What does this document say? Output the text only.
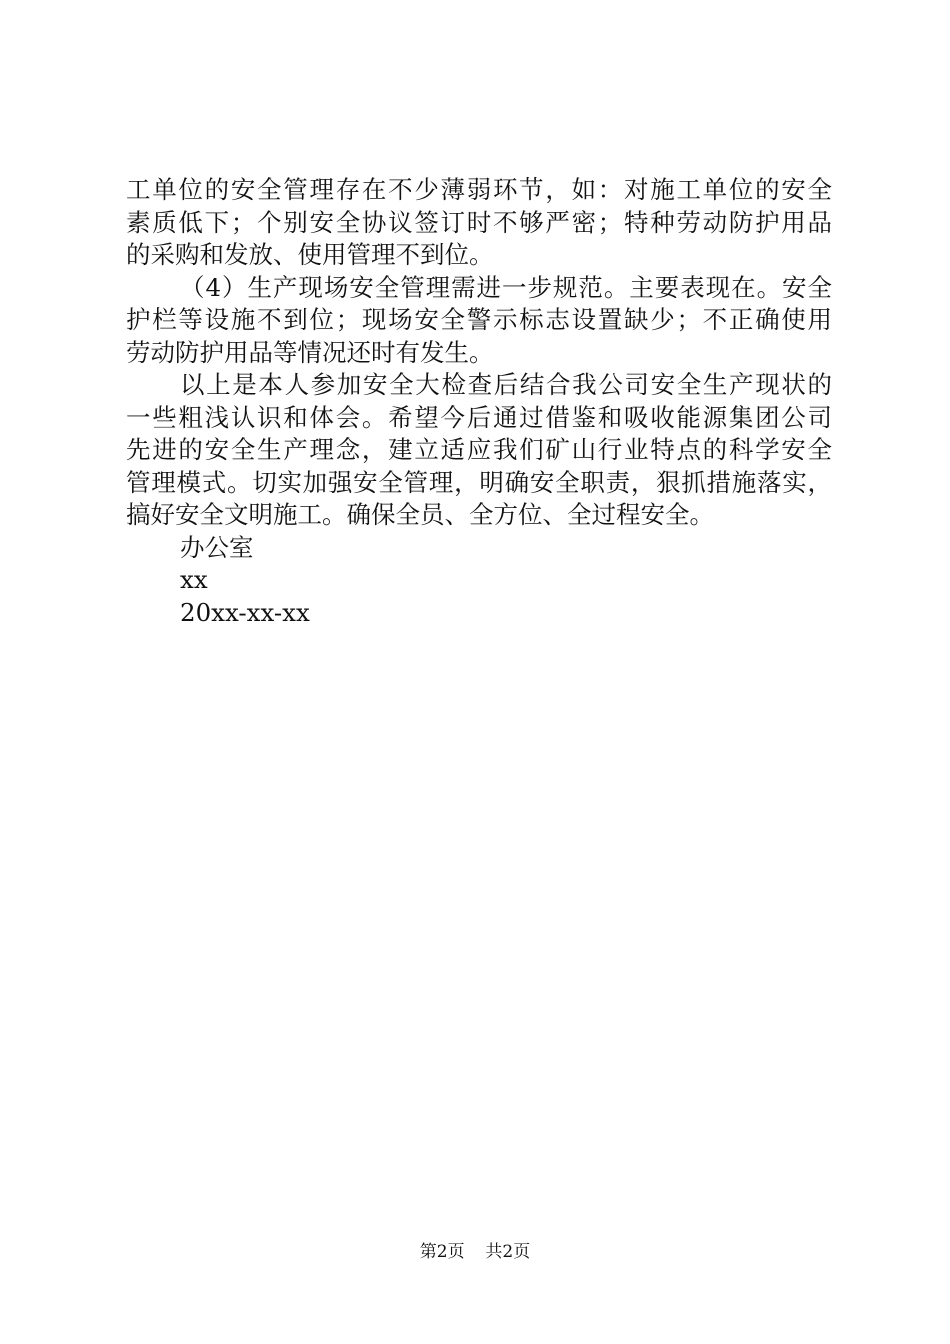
工单位的安全管理存在不少薄弱环节，如：对施工单位的安全
素质低下；个别安全协议签订时不够严密；特种劳动防护用品
的采购和发放、使用管理不到位。
（4）生产现场安全管理需进一步规范。主要表现在。安全
护栏等设施不到位；现场安全警示标志设置缺少；不正确使用
劳动防护用品等情况还时有发生。
以上是本人参加安全大检查后结合我公司安全生产现状的
一些粗浅认识和体会。希望今后通过借鉴和吸收能源集团公司
先进的安全生产理念，建立适应我们矿山行业特点的科学安全
管理模式。切实加强安全管理，明确安全职责，狠抓措施落实，
搞好安全文明施工。确保全员、全方位、全过程安全。
办公室
xx
20xx-xx-xx
第2页 共2页
